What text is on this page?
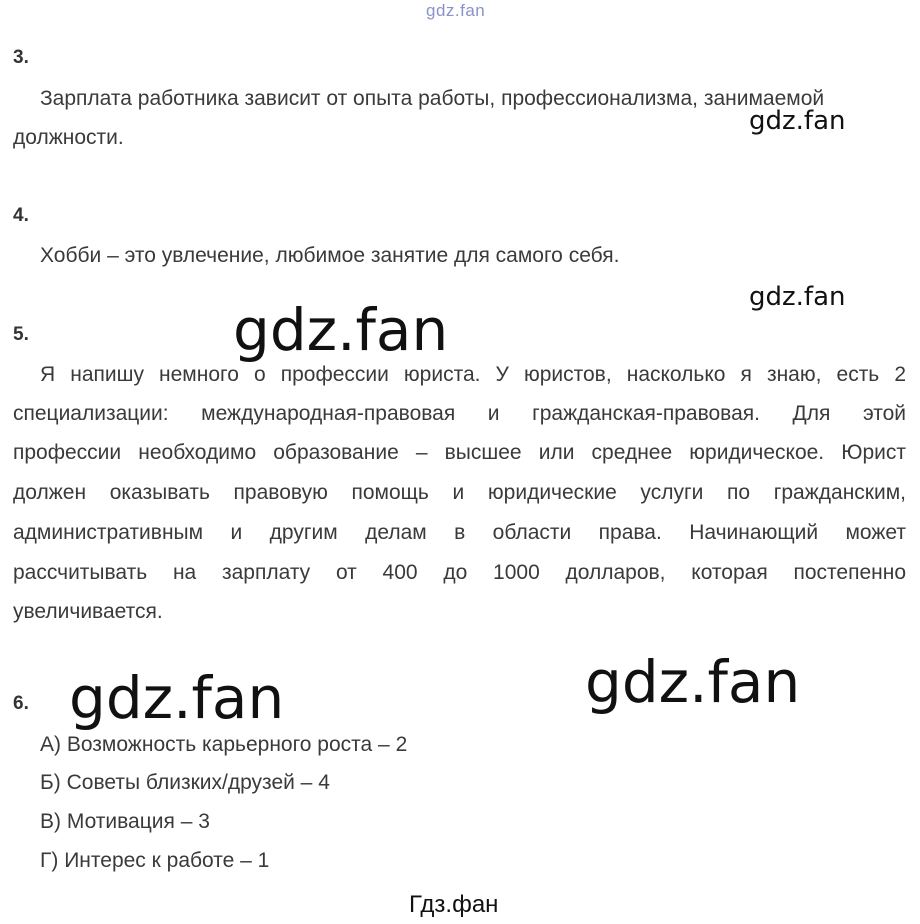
gdz.fan
3.
Зарплата работника зависит от опыта работы, профессионализма, занимаемой
должности.
gdz.fan
4.
Хобби – это увлечение, любимое занятие для самого себя.
gdz.fan
5.	gdz.fan
Я напишу немного о профессии юриста. У юристов, насколько я знаю, есть 2
специализации: международная-правовая и гражданская-правовая. Для этой
профессии необходимо образование – высшее или среднее юридическое. Юрист
должен оказывать правовую помощь и юридические услуги по гражданским,
административным и другим делам в области права. Начинающий может
рассчитывать на зарплату от 400 до 1000 долларов, которая постепенно
увеличивается.
6. gdz.fan	gdz.fan
А) Возможность карьерного роста – 2
Б) Советы близких/друзей – 4
В) Мотивация – 3
Г) Интерес к работе – 1
Гдз.фан
